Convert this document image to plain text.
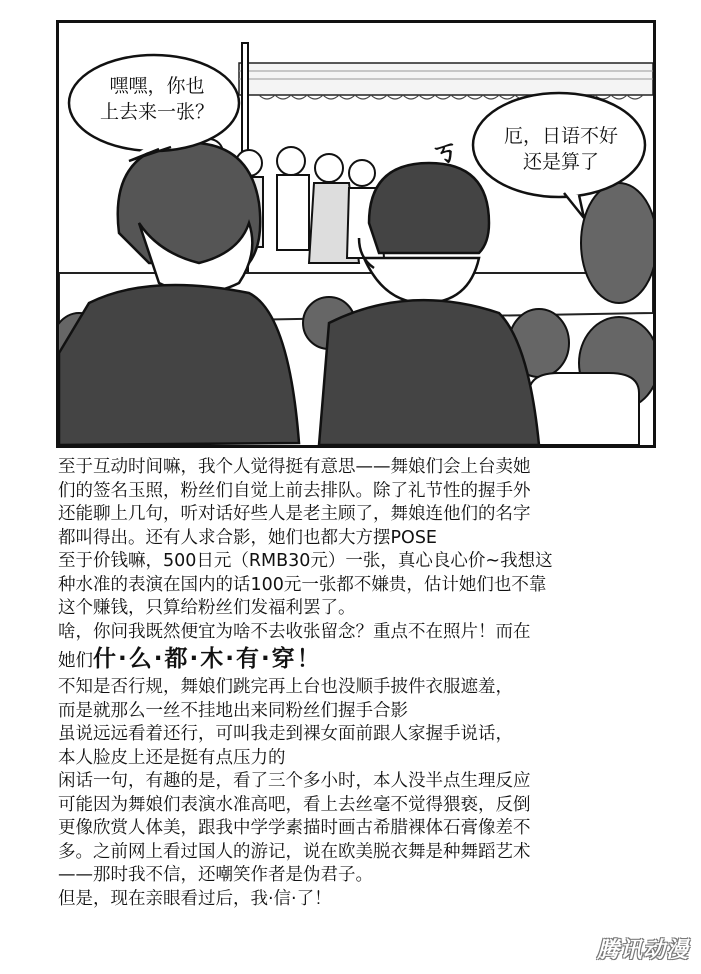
嘿嘿，你也
上去来一张？
厄，日语不好
还是算了
ㄎ
至于互动时间嘛，我个人觉得挺有意思——舞娘们会上台卖她
们的签名玉照，粉丝们自觉上前去排队。除了礼节性的握手外
还能聊上几句，听对话好些人是老主顾了，舞娘连他们的名字
都叫得出。还有人求合影，她们也都大方摆POSE
至于价钱嘛，500日元（RMB30元）一张，真心良心价~我想这
种水准的表演在国内的话100元一张都不嫌贵，估计她们也不靠
这个赚钱，只算给粉丝们发福利罢了。
啥，你问我既然便宜为啥不去收张留念？重点不在照片！而在
她们什·么·都·木·有·穿！
不知是否行规，舞娘们跳完再上台也没顺手披件衣服遮羞，
而是就那么一丝不挂地出来同粉丝们握手合影
虽说远远看着还行，可叫我走到裸女面前跟人家握手说话，
本人脸皮上还是挺有点压力的
闲话一句，有趣的是，看了三个多小时，本人没半点生理反应
可能因为舞娘们表演水准高吧，看上去丝毫不觉得猥亵，反倒
更像欣赏人体美，跟我中学学素描时画古希腊裸体石膏像差不
多。之前网上看过国人的游记，说在欧美脱衣舞是种舞蹈艺术
——那时我不信，还嘲笑作者是伪君子。
但是，现在亲眼看过后，我·信·了！
腾讯动漫
